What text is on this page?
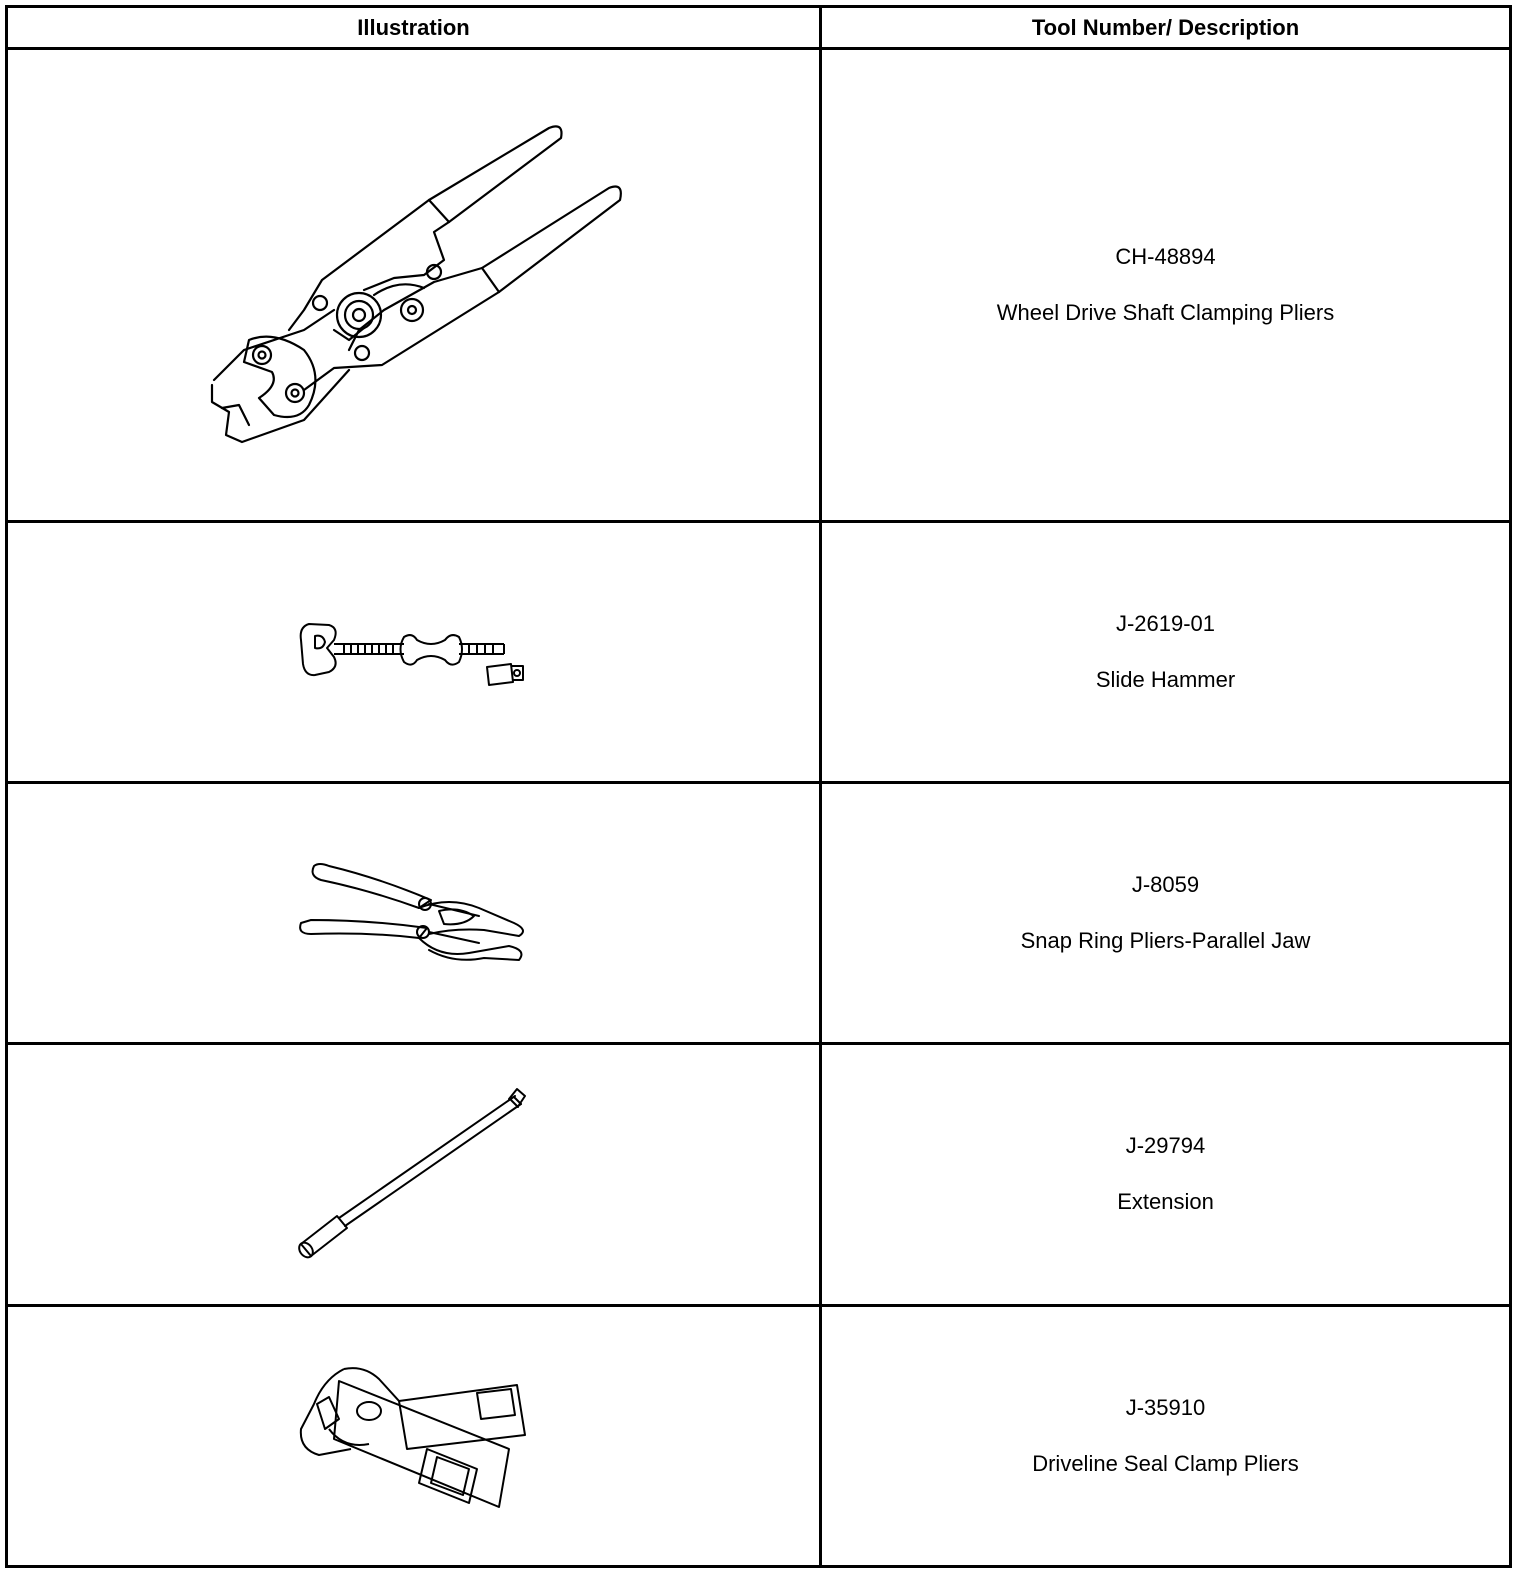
Illustration	Tool Number/ Description

CH-48894
Wheel Drive Shaft Clamping Pliers

J-2619-01
Slide Hammer

J-8059
Snap Ring Pliers-Parallel Jaw

J-29794
Extension

J-35910
Driveline Seal Clamp Pliers
